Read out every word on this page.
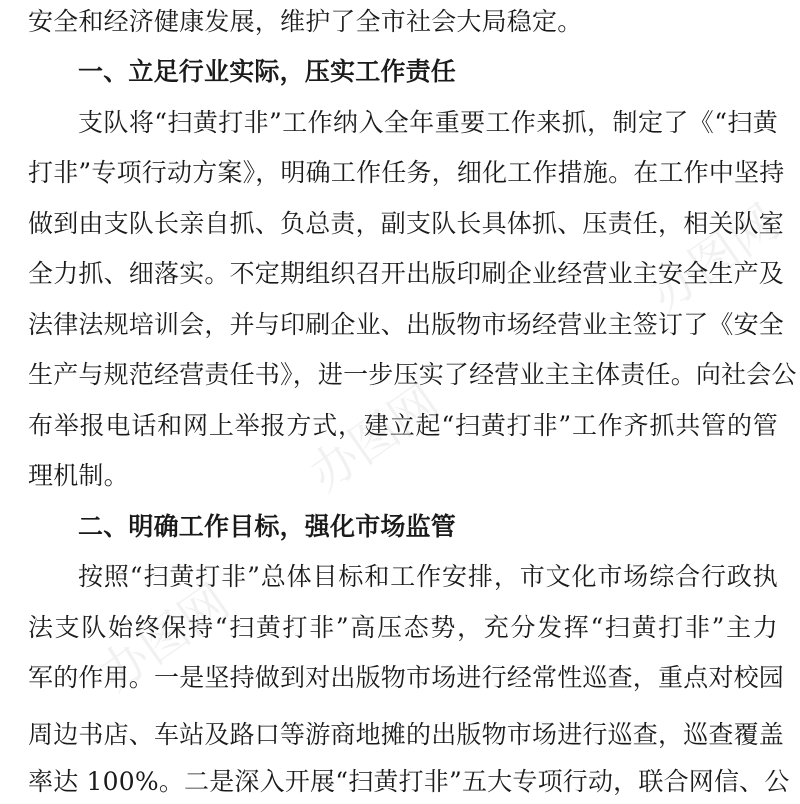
办图网
办图网
办图网
安全和经济健康发展，维护了全市社会大局稳定。
一、立足行业实际，压实工作责任
支队将“扫黄打非”工作纳入全年重要工作来抓，制定了《“扫黄
打非”专项行动方案》，明确工作任务，细化工作措施。在工作中坚持
做到由支队长亲自抓、负总责，副支队长具体抓、压责任，相关队室
全力抓、细落实。不定期组织召开出版印刷企业经营业主安全生产及
法律法规培训会，并与印刷企业、出版物市场经营业主签订了《安全
生产与规范经营责任书》，进一步压实了经营业主主体责任。向社会公
布举报电话和网上举报方式，建立起“扫黄打非”工作齐抓共管的管
理机制。
二、明确工作目标，强化市场监管
按照“扫黄打非”总体目标和工作安排，市文化市场综合行政执
法支队始终保持“扫黄打非”高压态势，充分发挥“扫黄打非”主力
军的作用。一是坚持做到对出版物市场进行经常性巡查，重点对校园
周边书店、车站及路口等游商地摊的出版物市场进行巡查，巡查覆盖
率达 100%。二是深入开展“扫黄打非”五大专项行动，联合网信、公
